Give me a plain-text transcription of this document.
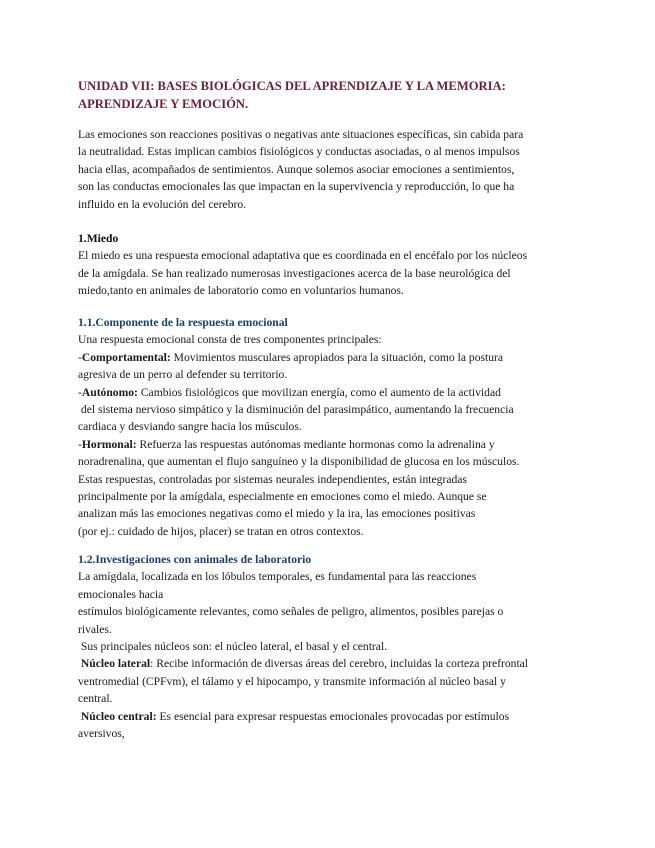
UNIDAD VII: BASES BIOLÓGICAS DEL APRENDIZAJE Y LA MEMORIA:
APRENDIZAJE Y EMOCIÓN.
Las emociones son reacciones positivas o negativas ante situaciones específicas, sin cabida para
la neutralidad. Estas implican cambios fisiológicos y conductas asociadas, o al menos impulsos
hacia ellas, acompañados de sentimientos. Aunque solemos asociar emociones a sentimientos,
son las conductas emocionales las que impactan en la supervivencia y reproducción, lo que ha
influido en la evolución del cerebro.
1.Miedo
El miedo es una respuesta emocional adaptativa que es coordinada en el encéfalo por los núcleos
de la amígdala. Se han realizado numerosas investigaciones acerca de la base neurológica del
miedo,tanto en animales de laboratorio como en voluntarios humanos.
1.1.Componente de la respuesta emocional
Una respuesta emocional consta de tres componentes principales:
-Comportamental: Movimientos musculares apropiados para la situación, como la postura
agresiva de un perro al defender su territorio.
-Autónomo: Cambios fisiológicos que movilizan energía, como el aumento de la actividad
del sistema nervioso simpático y la disminución del parasimpático, aumentando la frecuencia
cardiaca y desviando sangre hacia los músculos.
-Hormonal: Refuerza las respuestas autónomas mediante hormonas como la adrenalina y
noradrenalina, que aumentan el flujo sanguíneo y la disponibilidad de glucosa en los músculos.
Estas respuestas, controladas por sistemas neurales independientes, están integradas
principalmente por la amígdala, especialmente en emociones como el miedo. Aunque se
analizan más las emociones negativas como el miedo y la ira, las emociones positivas
(por ej.: cuidado de hijos, placer) se tratan en otros contextos.
1.2.Investigaciones con animales de laboratorio
La amígdala, localizada en los lóbulos temporales, es fundamental para las reacciones
emocionales hacia
estímulos biológicamente relevantes, como señales de peligro, alimentos, posibles parejas o
rivales.
Sus principales núcleos son: el núcleo lateral, el basal y el central.
Núcleo lateral: Recibe información de diversas áreas del cerebro, incluidas la corteza prefrontal
ventromedial (CPFvm), el tálamo y el hipocampo, y transmite información al núcleo basal y
central.
Núcleo central: Es esencial para expresar respuestas emocionales provocadas por estímulos
aversivos,
